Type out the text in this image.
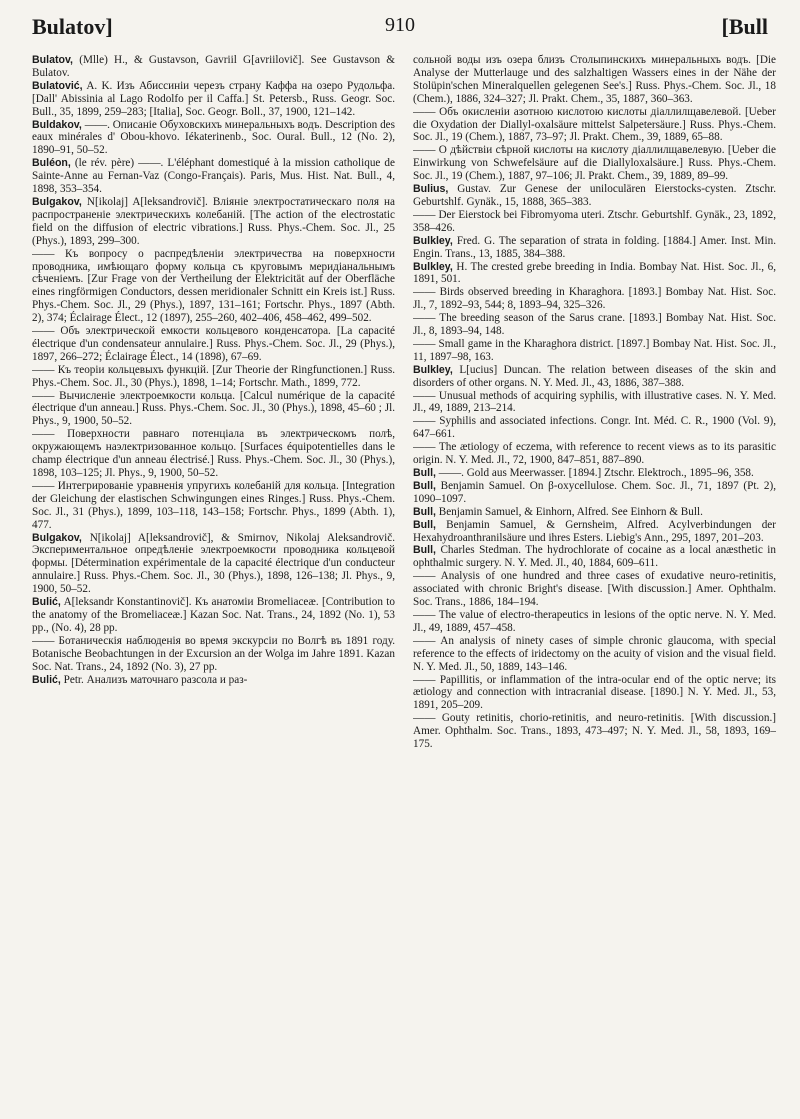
Bulatov]	910	[Bull

Bulatov, (Mlle) H., & Gustavson, Gavriil G[avriilovič]. See Gustavson & Bulatov.

Bulatović, A. K. Изъ Абиссиніи черезъ страну Каффа на озеро Рудольфа. [Dall' Abissinia al Lago Rodolfo per il Caffa.] St. Petersb., Russ. Geogr. Soc. Bull., 35, 1899, 259–283; [Italia], Soc. Geogr. Boll., 37, 1900, 121–142.

Buldakov, ——. Описаніе Обуховскихъ минеральныхъ водъ. Description des eaux minérales d' Obou-khovo. Iékaterinenb., Soc. Oural. Bull., 12 (No. 2), 1890–91, 50–52.

Buléon, (le rév. père) ——. L'éléphant domestiqué à la mission catholique de Sainte-Anne au Fernan-Vaz (Congo-Français). Paris, Mus. Hist. Nat. Bull., 4, 1898, 353–354.

Bulgakov, N[ikolaj] A[leksandrovič]. Вліяніе электростатическаго поля на распространеніе электрическихъ колебаній. [The action of the electrostatic field on the diffusion of electric vibrations.] Russ. Phys.-Chem. Soc. Jl., 25 (Phys.), 1893, 299–300.

—— Къ вопросу о распредѣленіи электричества на поверхности проводника, имѣющаго форму кольца съ круговымъ меридіанальнымъ сѣченіемъ. [Zur Frage von der Vertheilung der Elektricität auf der Oberfläche eines ringförmigen Conductors, dessen meridionaler Schnitt ein Kreis ist.] Russ. Phys.-Chem. Soc. Jl., 29 (Phys.), 1897, 131–161; Fortschr. Phys., 1897 (Abth. 2), 374; Éclairage Élect., 12 (1897), 255–260, 402–406, 458–462, 499–502.

—— Объ электрической емкости кольцевого конденсатора. [La capacité électrique d'un condensateur annulaire.] Russ. Phys.-Chem. Soc. Jl., 29 (Phys.), 1897, 266–272; Éclairage Élect., 14 (1898), 67–69.

—— Къ теоріи кольцевыхъ функцій. [Zur Theorie der Ringfunctionen.] Russ. Phys.-Chem. Soc. Jl., 30 (Phys.), 1898, 1–14; Fortschr. Math., 1899, 772.

—— Вычисленіе электроемкости кольца. [Calcul numérique de la capacité électrique d'un anneau.] Russ. Phys.-Chem. Soc. Jl., 30 (Phys.), 1898, 45–60 ; Jl. Phys., 9, 1900, 50–52.

—— Поверхности равнаго потенціала въ электрическомъ полѣ, окружающемъ наэлектризованное кольцо. [Surfaces équipotentielles dans le champ électrique d'un anneau électrisé.] Russ. Phys.-Chem. Soc. Jl., 30 (Phys.), 1898, 103–125; Jl. Phys., 9, 1900, 50–52.

—— Интегрированіе уравненія упругихъ колебаній для кольца. [Integration der Gleichung der elastischen Schwingungen eines Ringes.] Russ. Phys.-Chem. Soc. Jl., 31 (Phys.), 1899, 103–118, 143–158; Fortschr. Phys., 1899 (Abth. 1), 477.

Bulgakov, N[ikolaj] A[leksandrovič], & Smirnov, Nikolaj Aleksandrovič. Экспериментальное опредѣленіе электроемкости проводника кольцевой формы. [Détermination expérimentale de la capacité électrique d'un conducteur annulaire.] Russ. Phys.-Chem. Soc. Jl., 30 (Phys.), 1898, 126–138; Jl. Phys., 9, 1900, 50–52.

Bulić, A[leksandr Konstantinovič]. Къ анатоміи Bromeliaceæ. [Contribution to the anatomy of the Bromeliaceæ.] Kazan Soc. Nat. Trans., 24, 1892 (No. 1), 53 pp., (No. 4), 28 pp.

—— Ботаническія наблюденія во время экскурсіи по Волгѣ въ 1891 году. Botanische Beobachtungen in der Excursion an der Wolga im Jahre 1891. Kazan Soc. Nat. Trans., 24, 1892 (No. 3), 27 pp.

Bulić, Petr. Анализъ маточнаго разсола и раз-

сольной воды изъ озера близъ Столыпинскихъ минеральныхъ водъ. [Die Analyse der Mutterlauge und des salzhaltigen Wassers eines in der Nähe der Stolüpin'schen Mineralquellen gelegenen See's.] Russ. Phys.-Chem. Soc. Jl., 18 (Chem.), 1886, 324–327; Jl. Prakt. Chem., 35, 1887, 360–363.

—— Объ окисленіи азотною кислотою кислоты діаллилщавелевой. [Ueber die Oxydation der Diallyl-oxalsäure mittelst Salpetersäure.] Russ. Phys.-Chem. Soc. Jl., 19 (Chem.), 1887, 73–97; Jl. Prakt. Chem., 39, 1889, 65–88.

—— О дѣйствіи сѣрной кислоты на кислоту діаллилщавелевую. [Ueber die Einwirkung von Schwefelsäure auf die Diallyloxalsäure.] Russ. Phys.-Chem. Soc. Jl., 19 (Chem.), 1887, 97–106; Jl. Prakt. Chem., 39, 1889, 89–99.

Bulius, Gustav. Zur Genese der uniloculären Eierstocks-cysten. Ztschr. Geburtshlf. Gynäk., 15, 1888, 365–383.

—— Der Eierstock bei Fibromyoma uteri. Ztschr. Geburtshlf. Gynäk., 23, 1892, 358–426.

Bulkley, Fred. G. The separation of strata in folding. [1884.] Amer. Inst. Min. Engin. Trans., 13, 1885, 384–388.

Bulkley, H. The crested grebe breeding in India. Bombay Nat. Hist. Soc. Jl., 6, 1891, 501.

—— Birds observed breeding in Kharaghora. [1893.] Bombay Nat. Hist. Soc. Jl., 7, 1892–93, 544; 8, 1893–94, 325–326.

—— The breeding season of the Sarus crane. [1893.] Bombay Nat. Hist. Soc. Jl., 8, 1893–94, 148.

—— Small game in the Kharaghora district. [1897.] Bombay Nat. Hist. Soc. Jl., 11, 1897–98, 163.

Bulkley, L[ucius] Duncan. The relation between diseases of the skin and disorders of other organs. N. Y. Med. Jl., 43, 1886, 387–388.

—— Unusual methods of acquiring syphilis, with illustrative cases. N. Y. Med. Jl., 49, 1889, 213–214.

—— Syphilis and associated infections. Congr. Int. Méd. C. R., 1900 (Vol. 9), 647–661.

—— The ætiology of eczema, with reference to recent views as to its parasitic origin. N. Y. Med. Jl., 72, 1900, 847–851, 887–890.

Bull, ——. Gold aus Meerwasser. [1894.] Ztschr. Elektroch., 1895–96, 358.

Bull, Benjamin Samuel. On β-oxycellulose. Chem. Soc. Jl., 71, 1897 (Pt. 2), 1090–1097.

Bull, Benjamin Samuel, & Einhorn, Alfred. See Einhorn & Bull.

Bull, Benjamin Samuel, & Gernsheim, Alfred. Acylverbindungen der Hexahydroanthranilsäure und ihres Esters. Liebig's Ann., 295, 1897, 201–203.

Bull, Charles Stedman. The hydrochlorate of cocaine as a local anæsthetic in ophthalmic surgery. N. Y. Med. Jl., 40, 1884, 609–611.

—— Analysis of one hundred and three cases of exudative neuro-retinitis, associated with chronic Bright's disease. [With discussion.] Amer. Ophthalm. Soc. Trans., 1886, 184–194.

—— The value of electro-therapeutics in lesions of the optic nerve. N. Y. Med. Jl., 49, 1889, 457–458.

—— An analysis of ninety cases of simple chronic glaucoma, with special reference to the effects of iridectomy on the acuity of vision and the visual field. N. Y. Med. Jl., 50, 1889, 143–146.

—— Papillitis, or inflammation of the intra-ocular end of the optic nerve; its ætiology and connection with intracranial disease. [1890.] N. Y. Med. Jl., 53, 1891, 205–209.

—— Gouty retinitis, chorio-retinitis, and neuro-retinitis. [With discussion.] Amer. Ophthalm. Soc. Trans., 1893, 473–497; N. Y. Med. Jl., 58, 1893, 169–175.
